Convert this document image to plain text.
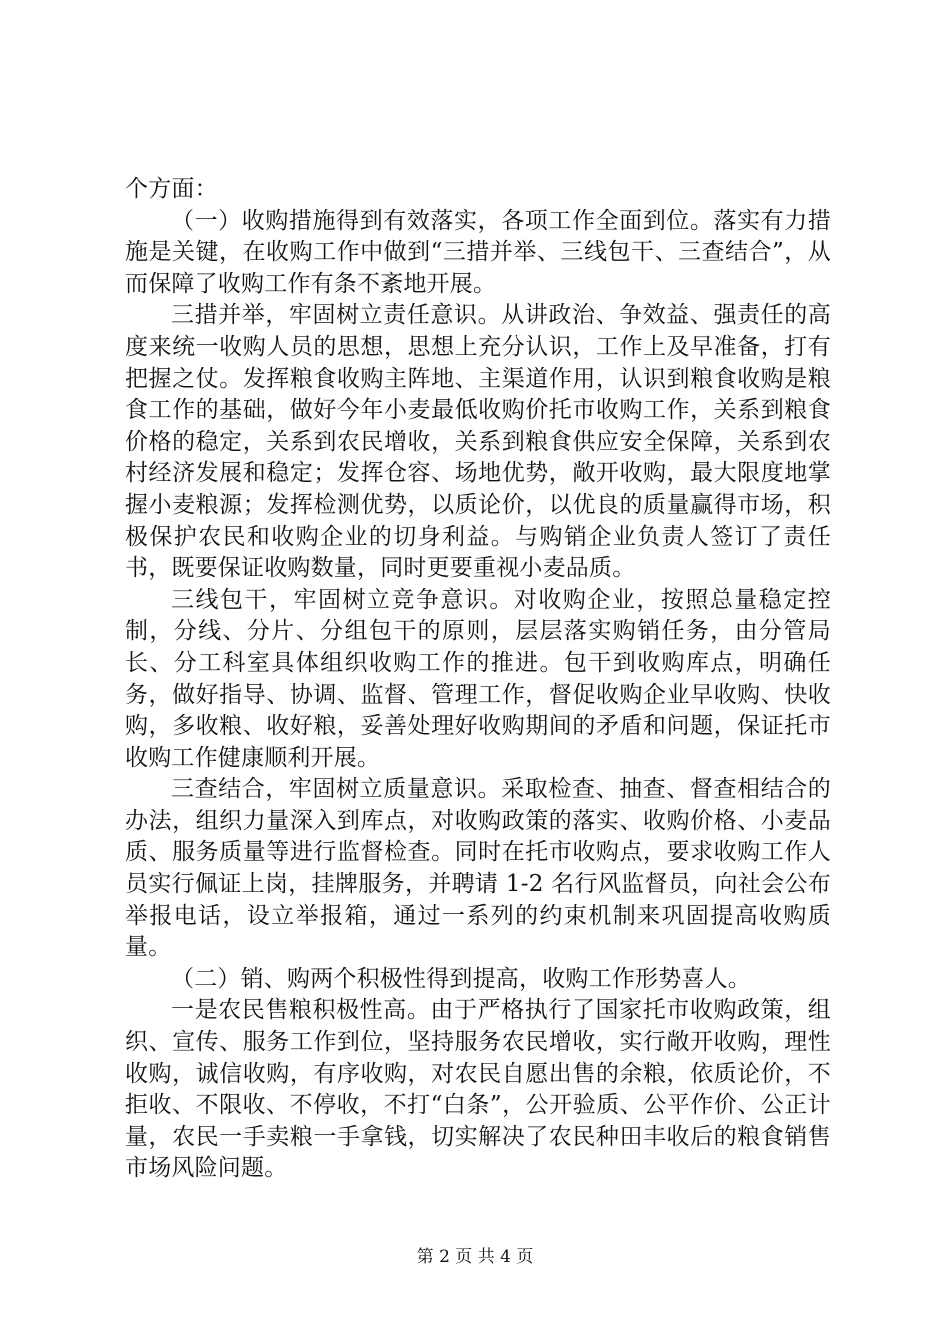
个方面：

（一）收购措施得到有效落实，各项工作全面到位。落实有力措施是关键，在收购工作中做到“三措并举、三线包干、三查结合”，从而保障了收购工作有条不紊地开展。

三措并举，牢固树立责任意识。从讲政治、争效益、强责任的高度来统一收购人员的思想，思想上充分认识，工作上及早准备，打有把握之仗。发挥粮食收购主阵地、主渠道作用，认识到粮食收购是粮食工作的基础，做好今年小麦最低收购价托市收购工作，关系到粮食价格的稳定，关系到农民增收，关系到粮食供应安全保障，关系到农村经济发展和稳定；发挥仓容、场地优势，敞开收购，最大限度地掌握小麦粮源；发挥检测优势，以质论价，以优良的质量赢得市场，积极保护农民和收购企业的切身利益。与购销企业负责人签订了责任书，既要保证收购数量，同时更要重视小麦品质。

三线包干，牢固树立竞争意识。对收购企业，按照总量稳定控制，分线、分片、分组包干的原则，层层落实购销任务，由分管局长、分工科室具体组织收购工作的推进。包干到收购库点，明确任务，做好指导、协调、监督、管理工作，督促收购企业早收购、快收购，多收粮、收好粮，妥善处理好收购期间的矛盾和问题，保证托市收购工作健康顺利开展。

三查结合，牢固树立质量意识。采取检查、抽查、督查相结合的办法，组织力量深入到库点，对收购政策的落实、收购价格、小麦品质、服务质量等进行监督检查。同时在托市收购点，要求收购工作人员实行佩证上岗，挂牌服务，并聘请 1-2 名行风监督员，向社会公布举报电话，设立举报箱，通过一系列的约束机制来巩固提高收购质量。

（二）销、购两个积极性得到提高，收购工作形势喜人。

一是农民售粮积极性高。由于严格执行了国家托市收购政策，组织、宣传、服务工作到位，坚持服务农民增收，实行敞开收购，理性收购，诚信收购，有序收购，对农民自愿出售的余粮，依质论价，不拒收、不限收、不停收，不打“白条”，公开验质、公平作价、公正计量，农民一手卖粮一手拿钱，切实解决了农民种田丰收后的粮食销售市场风险问题。

第 2 页 共 4 页
